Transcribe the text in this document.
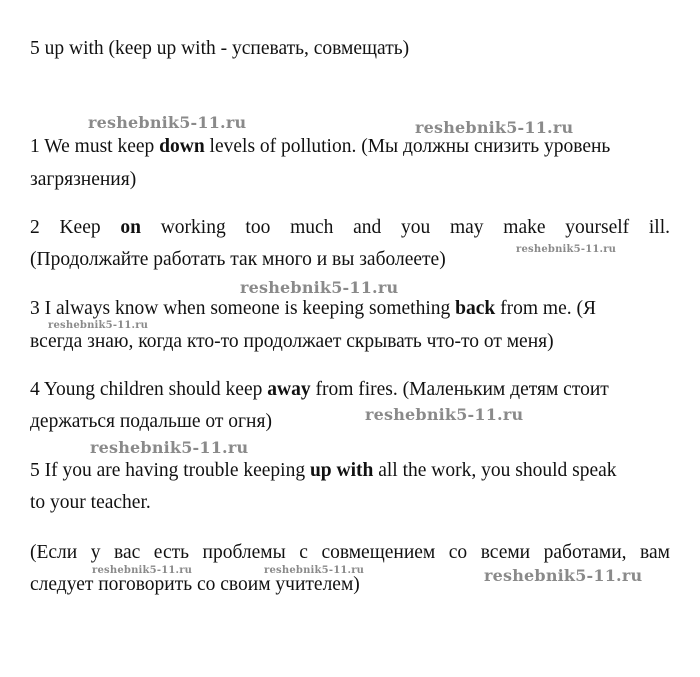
5 up with (keep up with - успевать, совмещать)
1 We must keep down levels of pollution. (Мы должны снизить уровень
загрязнения)
2 Keep on working too much and you may make yourself ill.
(Продолжайте работать так много и вы заболеете)
3 I always know when someone is keeping something back from me. (Я
всегда знаю, когда кто-то продолжает скрывать что-то от меня)
4 Young children should keep away from fires. (Маленьким детям стоит
держаться подальше от огня)
5 If you are having trouble keeping up with all the work, you should speak
to your teacher.
(Если у вас есть проблемы с совмещением со всеми работами, вам
следует поговорить со своим учителем)
reshebnik5-11.ru	reshebnik5-11.ru
reshebnik5-11.ru
reshebnik5-11.ru
reshebnik5-11.ru
reshebnik5-11.ru
reshebnik5-11.ru
reshebnik5-11.ru	reshebnik5-11.ru	reshebnik5-11.ru
